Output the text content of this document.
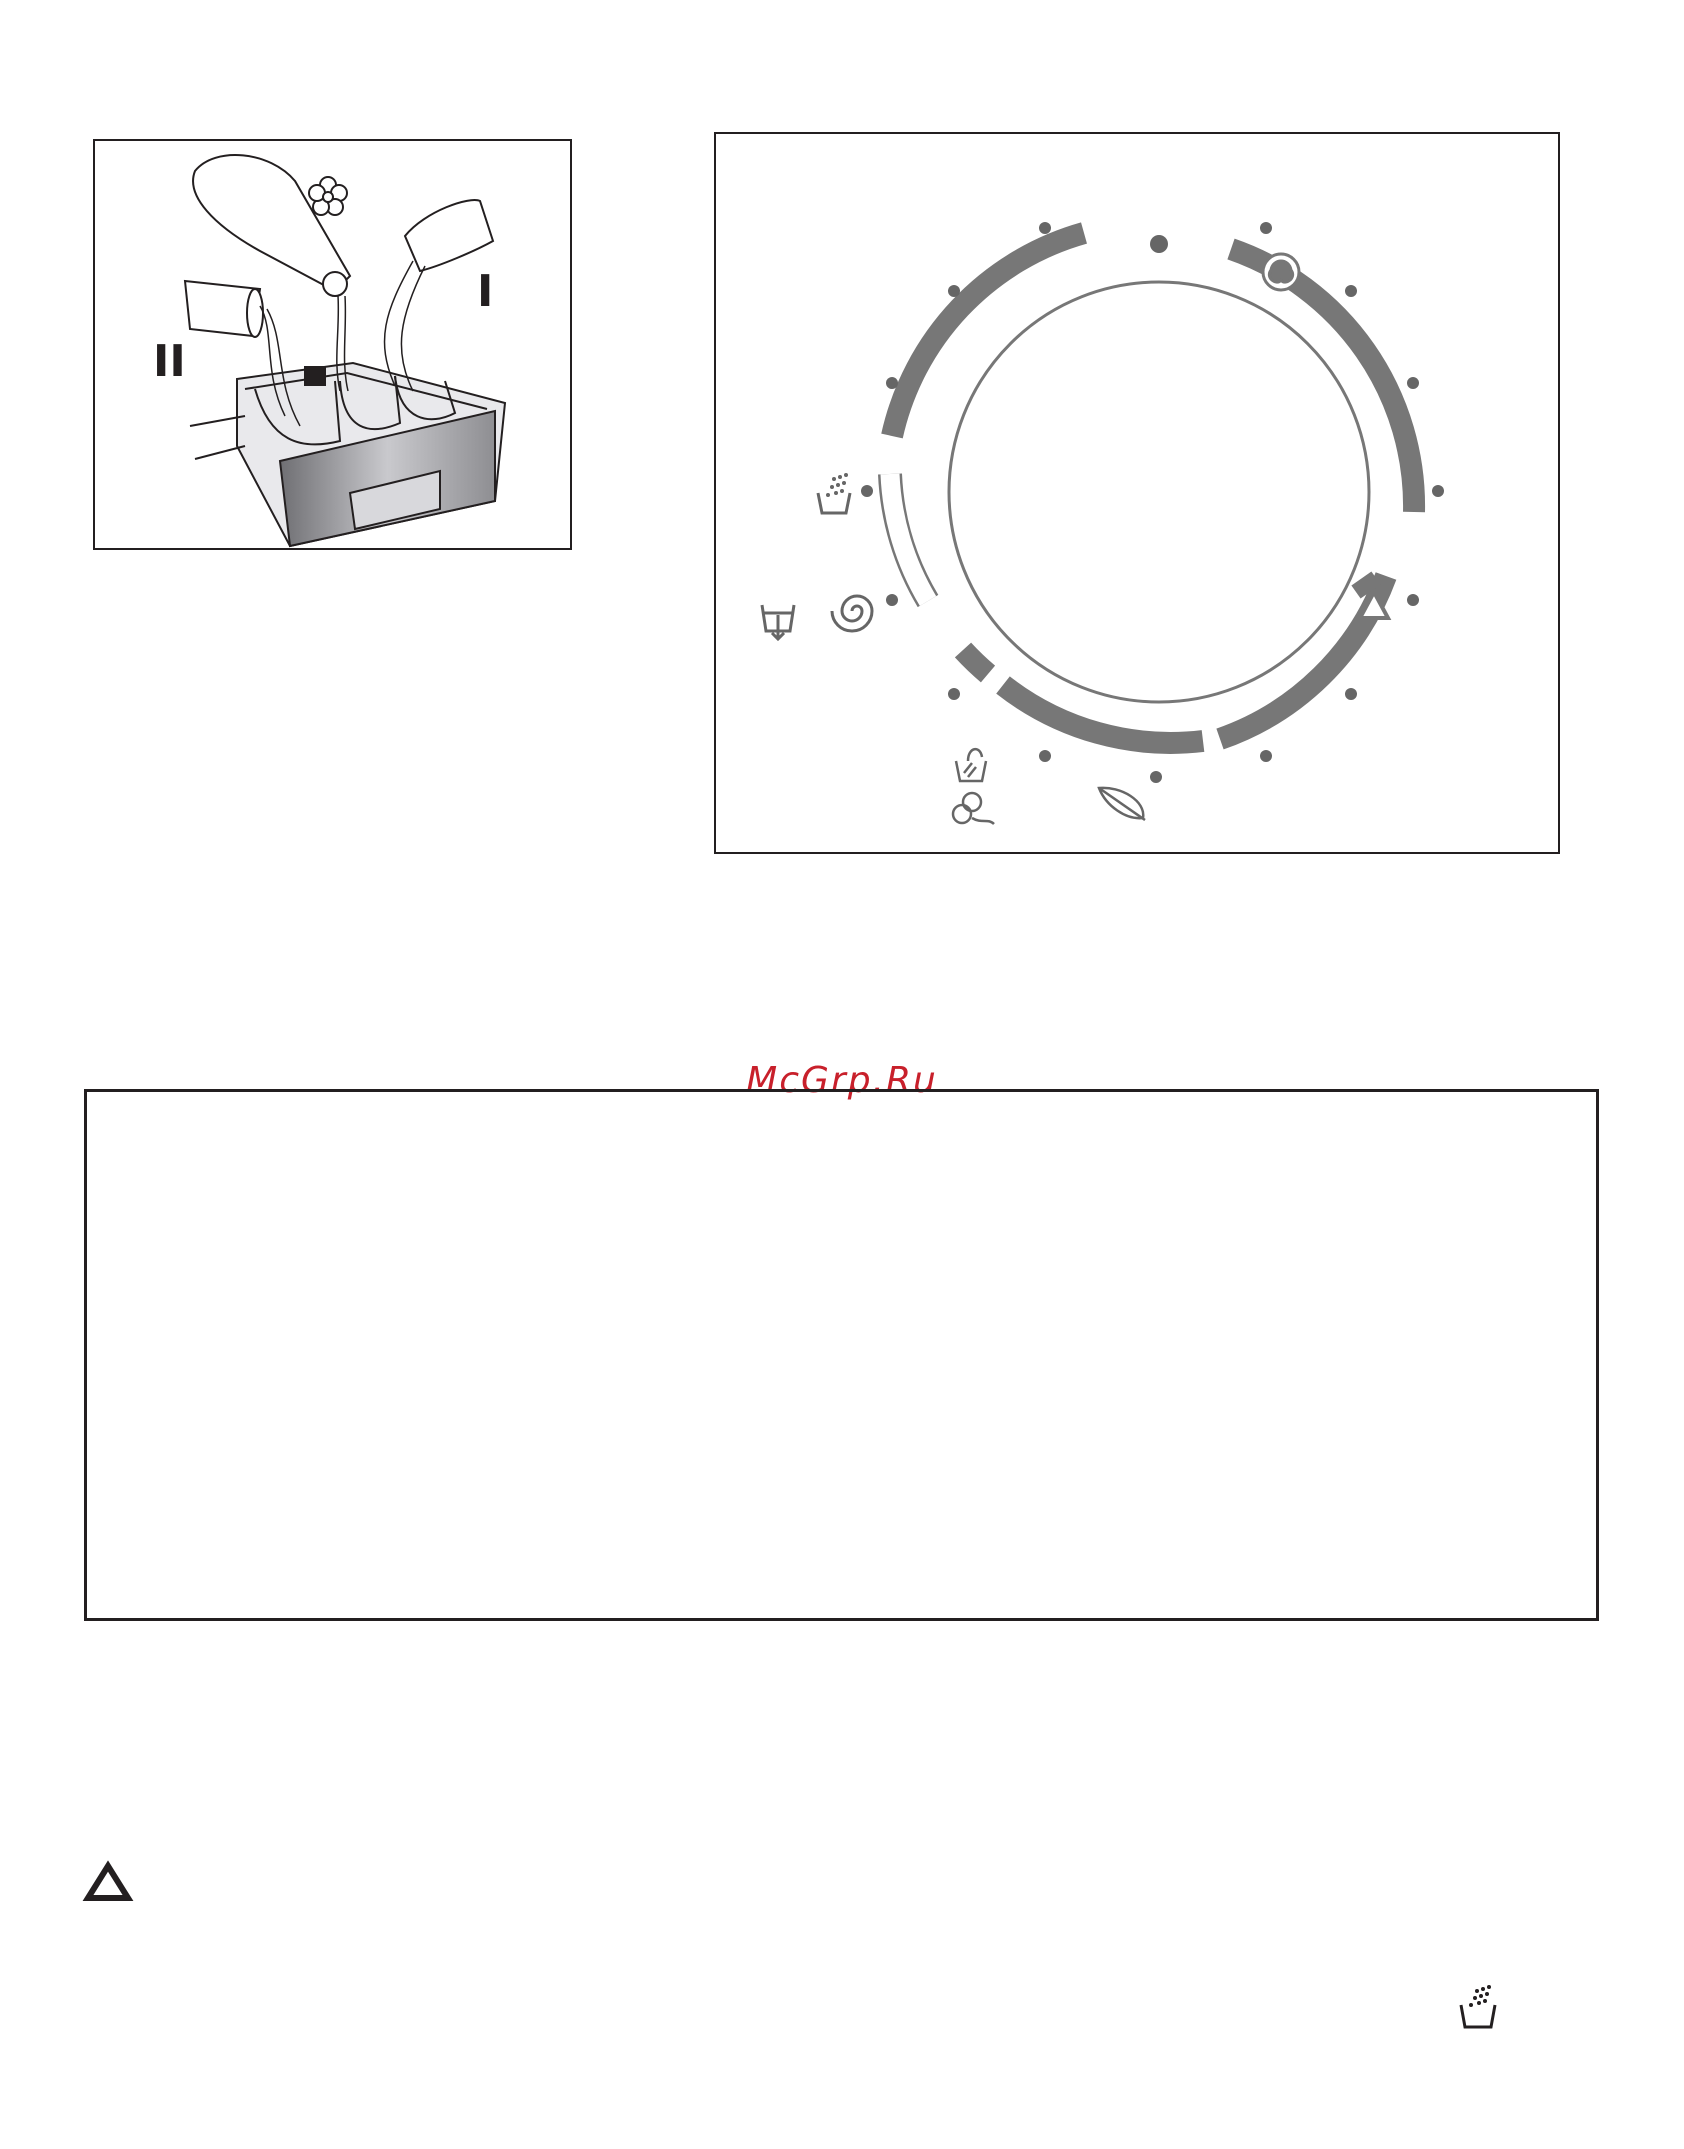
II
I
McGrp.Ru
